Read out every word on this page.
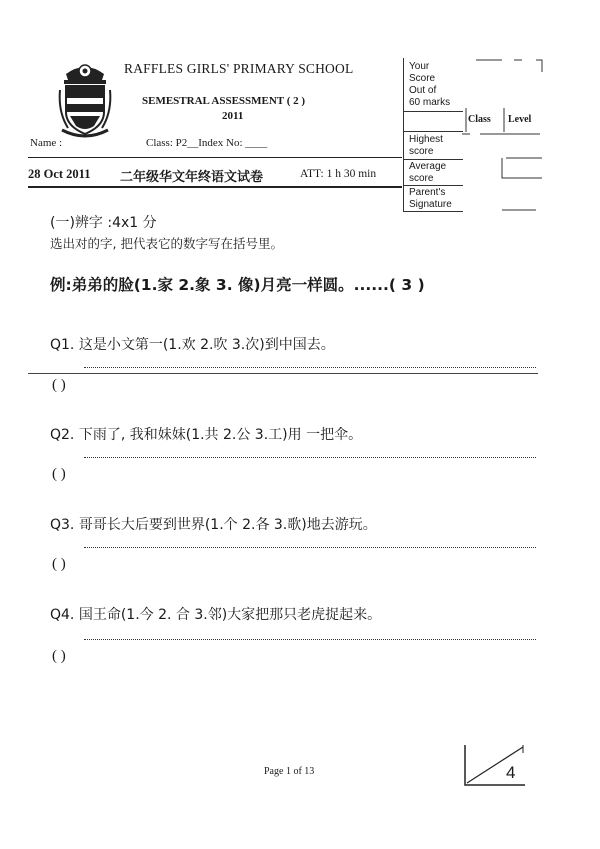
RAFFLES GIRLS' PRIMARY SCHOOL
SEMESTRAL ASSESSMENT ( 2 )
2011
Name :	Class: P2__Index No: ____
28 Oct 2011 二年级华文年终语文试卷	ATT: 1 h 30 min
Your
Score
Out of
60 marks
Highest
score
Average
score
Parent's
Signature
Class Level
(一)辨字 :4x1 分
选出对的字, 把代表它的数字写在括号里。
例:弟弟的脸(1.家 2.象 3. 像)月亮一样圆。......( 3 )
Q1. 这是小文第一(1.欢 2.吹 3.次)到中国去。
( )
Q2. 下雨了, 我和妹妹(1.共 2.公 3.工)用 一把伞。
( )
Q3. 哥哥长大后要到世界(1.个 2.各 3.歌)地去游玩。
( )
Q4. 国王命(1.今 2. 合 3.邻)大家把那只老虎捉起来。
( )
Page 1 of 13	4
